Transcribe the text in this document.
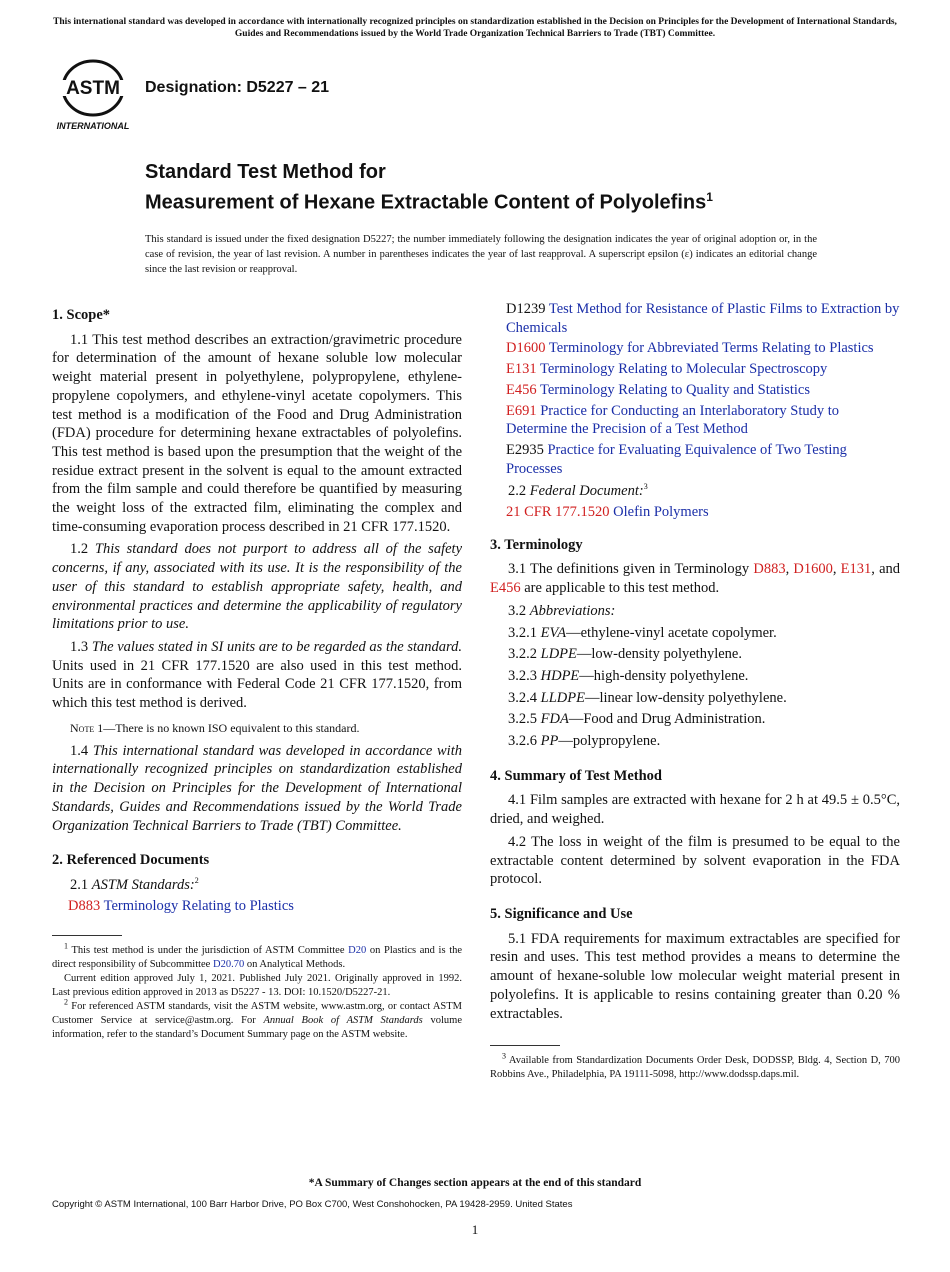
This international standard was developed in accordance with internationally recognized principles on standardization established in the Decision on Principles for the Development of International Standards, Guides and Recommendations issued by the World Trade Organization Technical Barriers to Trade (TBT) Committee.
ASTM
INTERNATIONAL
Designation: D5227 – 21
Standard Test Method for
Measurement of Hexane Extractable Content of Polyolefins$^1$
This standard is issued under the fixed designation D5227; the number immediately following the designation indicates the year of original adoption or, in the case of revision, the year of last revision. A number in parentheses indicates the year of last reapproval. A superscript epsilon (ε) indicates an editorial change since the last revision or reapproval.
1. Scope*

1.1 This test method describes an extraction/gravimetric procedure for determination of the amount of hexane soluble low molecular weight material present in polyethylene, polypropylene, ethylene-propylene copolymers, and ethylene-vinyl acetate copolymers. This test method is a modification of the Food and Drug Administration (FDA) procedure for determining hexane extractables of polyolefins. This test method is based upon the presumption that the weight of the residue extract present in the solvent is equal to the amount extracted from the film sample and could therefore be quantified by measuring the weight loss of the extracted film, eliminating the complex and time-consuming evaporation process described in 21 CFR 177.1520.

1.2 This standard does not purport to address all of the safety concerns, if any, associated with its use. It is the responsibility of the user of this standard to establish appropriate safety, health, and environmental practices and determine the applicability of regulatory limitations prior to use.

1.3 The values stated in SI units are to be regarded as the standard. Units used in 21 CFR 177.1520 are also used in this test method. Units are in conformance with Federal Code 21 CFR 177.1520, from which this test method is derived.

Note 1—There is no known ISO equivalent to this standard.

1.4 This international standard was developed in accordance with internationally recognized principles on standardization established in the Decision on Principles for the Development of International Standards, Guides and Recommendations issued by the World Trade Organization Technical Barriers to Trade (TBT) Committee.

2. Referenced Documents

2.1 ASTM Standards:$^2$

D883 Terminology Relating to Plastics

$^1$ This test method is under the jurisdiction of ASTM Committee D20 on Plastics and is the direct responsibility of Subcommittee D20.70 on Analytical Methods.

Current edition approved July 1, 2021. Published July 2021. Originally approved in 1992. Last previous edition approved in 2013 as D5227 - 13. DOI: 10.1520/D5227-21.

$^2$ For referenced ASTM standards, visit the ASTM website, www.astm.org, or contact ASTM Customer Service at service@astm.org. For Annual Book of ASTM Standards volume information, refer to the standard’s Document Summary page on the ASTM website.

D1239 Test Method for Resistance of Plastic Films to Extraction by Chemicals

D1600 Terminology for Abbreviated Terms Relating to Plastics

E131 Terminology Relating to Molecular Spectroscopy

E456 Terminology Relating to Quality and Statistics

E691 Practice for Conducting an Interlaboratory Study to Determine the Precision of a Test Method

E2935 Practice for Evaluating Equivalence of Two Testing Processes

2.2 Federal Document:$^3$

21 CFR 177.1520 Olefin Polymers

3. Terminology

3.1 The definitions given in Terminology D883, D1600, E131, and E456 are applicable to this test method.

3.2 Abbreviations:

3.2.1 EVA—ethylene-vinyl acetate copolymer.

3.2.2 LDPE—low-density polyethylene.

3.2.3 HDPE—high-density polyethylene.

3.2.4 LLDPE—linear low-density polyethylene.

3.2.5 FDA—Food and Drug Administration.

3.2.6 PP—polypropylene.

4. Summary of Test Method

4.1 Film samples are extracted with hexane for 2 h at 49.5 ± 0.5°C, dried, and weighed.

4.2 The loss in weight of the film is presumed to be equal to the extractable content determined by solvent evaporation in the FDA protocol.

5. Significance and Use

5.1 FDA requirements for maximum extractables are specified for resin and uses. This test method provides a means to determine the amount of hexane-soluble low molecular weight material present in polyolefins. It is applicable to resins containing greater than 0.20 % extractables.

$^3$ Available from Standardization Documents Order Desk, DODSSP, Bldg. 4, Section D, 700 Robbins Ave., Philadelphia, PA 19111-5098, http://www.dodssp.daps.mil.

*A Summary of Changes section appears at the end of this standard
Copyright © ASTM International, 100 Barr Harbor Drive, PO Box C700, West Conshohocken, PA 19428-2959. United States
1
